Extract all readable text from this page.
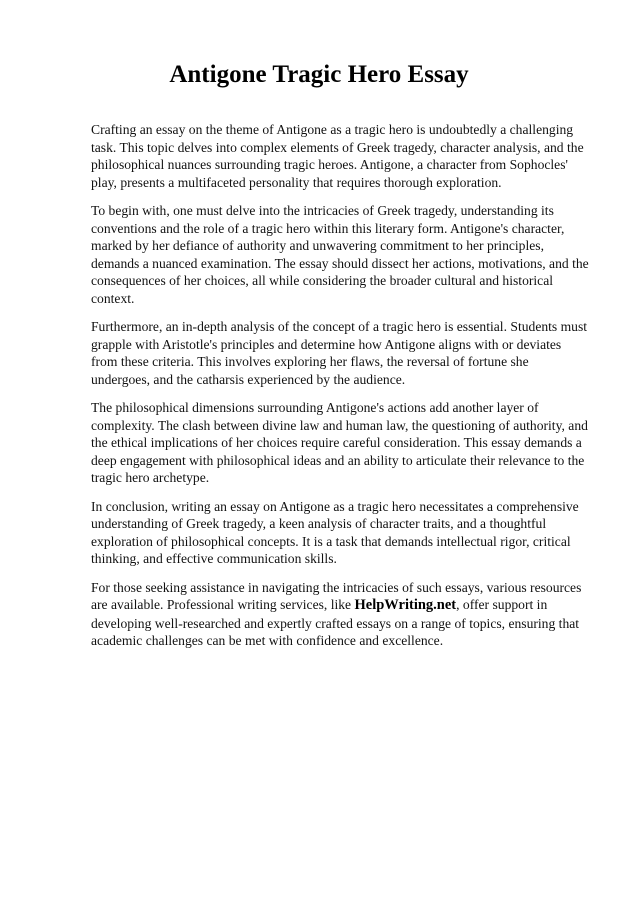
Antigone Tragic Hero Essay

Crafting an essay on the theme of Antigone as a tragic hero is undoubtedly a challenging task. This topic delves into complex elements of Greek tragedy, character analysis, and the philosophical nuances surrounding tragic heroes. Antigone, a character from Sophocles' play, presents a multifaceted personality that requires thorough exploration.

To begin with, one must delve into the intricacies of Greek tragedy, understanding its conventions and the role of a tragic hero within this literary form. Antigone's character, marked by her defiance of authority and unwavering commitment to her principles, demands a nuanced examination. The essay should dissect her actions, motivations, and the consequences of her choices, all while considering the broader cultural and historical context.

Furthermore, an in-depth analysis of the concept of a tragic hero is essential. Students must grapple with Aristotle's principles and determine how Antigone aligns with or deviates from these criteria. This involves exploring her flaws, the reversal of fortune she undergoes, and the catharsis experienced by the audience.

The philosophical dimensions surrounding Antigone's actions add another layer of complexity. The clash between divine law and human law, the questioning of authority, and the ethical implications of her choices require careful consideration. This essay demands a deep engagement with philosophical ideas and an ability to articulate their relevance to the tragic hero archetype.

In conclusion, writing an essay on Antigone as a tragic hero necessitates a comprehensive understanding of Greek tragedy, a keen analysis of character traits, and a thoughtful exploration of philosophical concepts. It is a task that demands intellectual rigor, critical thinking, and effective communication skills.

For those seeking assistance in navigating the intricacies of such essays, various resources are available. Professional writing services, like HelpWriting.net, offer support in developing well-researched and expertly crafted essays on a range of topics, ensuring that academic challenges can be met with confidence and excellence.
